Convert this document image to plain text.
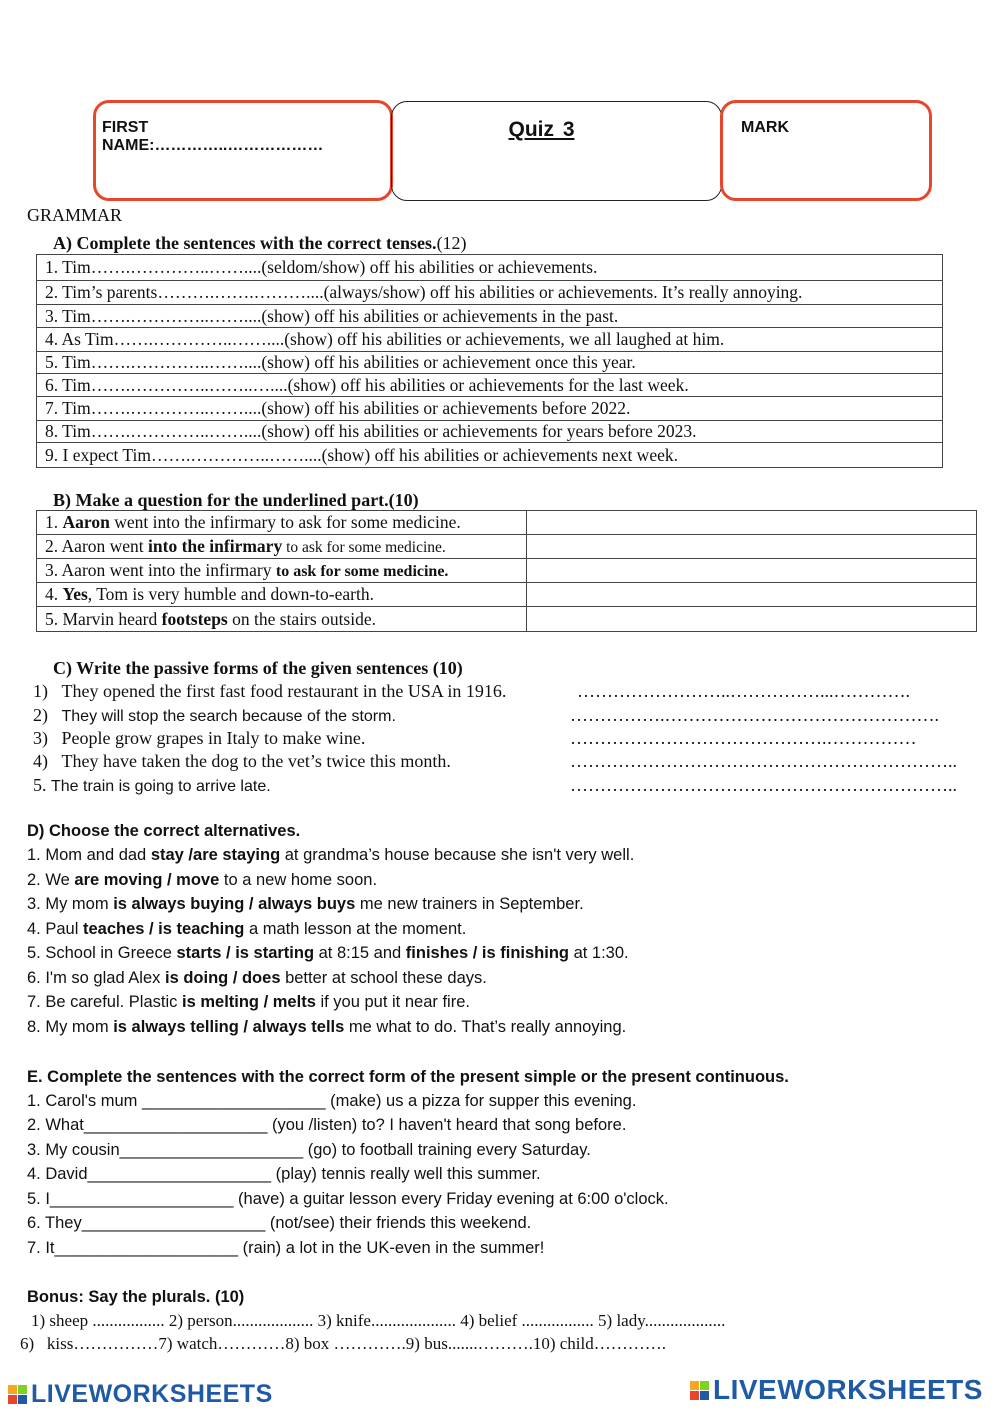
FIRST
NAME:…………..………………
Quiz 3	MARK
GRAMMAR
A) Complete the sentences with the correct tenses.(12)
1. Tim…….…………..……....(seldom/show) off his abilities or achievements.
2. Tim’s parents……….…….………....(always/show) off his abilities or achievements. It’s really annoying.
3. Tim…….…………..……....(show) off his abilities or achievements in the past.
4. As Tim…….…………..……....(show) off his abilities or achievements, we all laughed at him.
5. Tim…….…………..……....(show) off his abilities or achievement once this year.
6. Tim…….…………..……..…....(show) off his abilities or achievements for the last week.
7. Tim…….…………..……....(show) off his abilities or achievements before 2022.
8. Tim…….…………..……....(show) off his abilities or achievements for years before 2023.
9. I expect Tim…….…………..……....(show) off his abilities or achievements next week.
B) Make a question for the underlined part.(10)
1. Aaron went into the infirmary to ask for some medicine.	
2. Aaron went into the infirmary to ask for some medicine.	
3. Aaron went into the infirmary to ask for some medicine.	
4. Yes, Tom is very humble and down-to-earth.	
5. Marvin heard footsteps on the stairs outside.	
C) Write the passive forms of the given sentences (10)
1) They opened the first fast food restaurant in the USA in 1916.	……………………..……………...………….
2) They will stop the search because of the storm.	…………….……………………………………….
3) People grow grapes in Italy to make wine.	…………………………………….……………
4) They have taken the dog to the vet’s twice this month.	………………………………………………………..
5. The train is going to arrive late.	………………………………………………………..
D) Choose the correct alternatives.
1. Mom and dad stay /are staying at grandma’s house because she isn't very well.
2. We are moving / move to a new home soon.
3. My mom is always buying / always buys me new trainers in September.
4. Paul teaches / is teaching a math lesson at the moment.
5. School in Greece starts / is starting at 8:15 and finishes / is finishing at 1:30.
6. I'm so glad Alex is doing / does better at school these days.
7. Be careful. Plastic is melting / melts if you put it near fire.
8. My mom is always telling / always tells me what to do. That’s really annoying.
E. Complete the sentences with the correct form of the present simple or the present continuous.
1. Carol's mum ____________________ (make) us a pizza for supper this evening.
2. What____________________ (you /listen) to? I haven't heard that song before.
3. My cousin____________________ (go) to football training every Saturday.
4. David____________________ (play) tennis really well this summer.
5. I____________________ (have) a guitar lesson every Friday evening at 6:00 o'clock.
6. They____________________ (not/see) their friends this weekend.
7. It____________________ (rain) a lot in the UK-even in the summer!
Bonus: Say the plurals. (10)
1) sheep ................. 2) person................... 3) knife.................... 4) belief ................. 5) lady...................
6) kiss……………7) watch…………8) box ………….9) bus.......……….10) child………….
LIVEWORKSHEETS	LIVEWORKSHEETS
